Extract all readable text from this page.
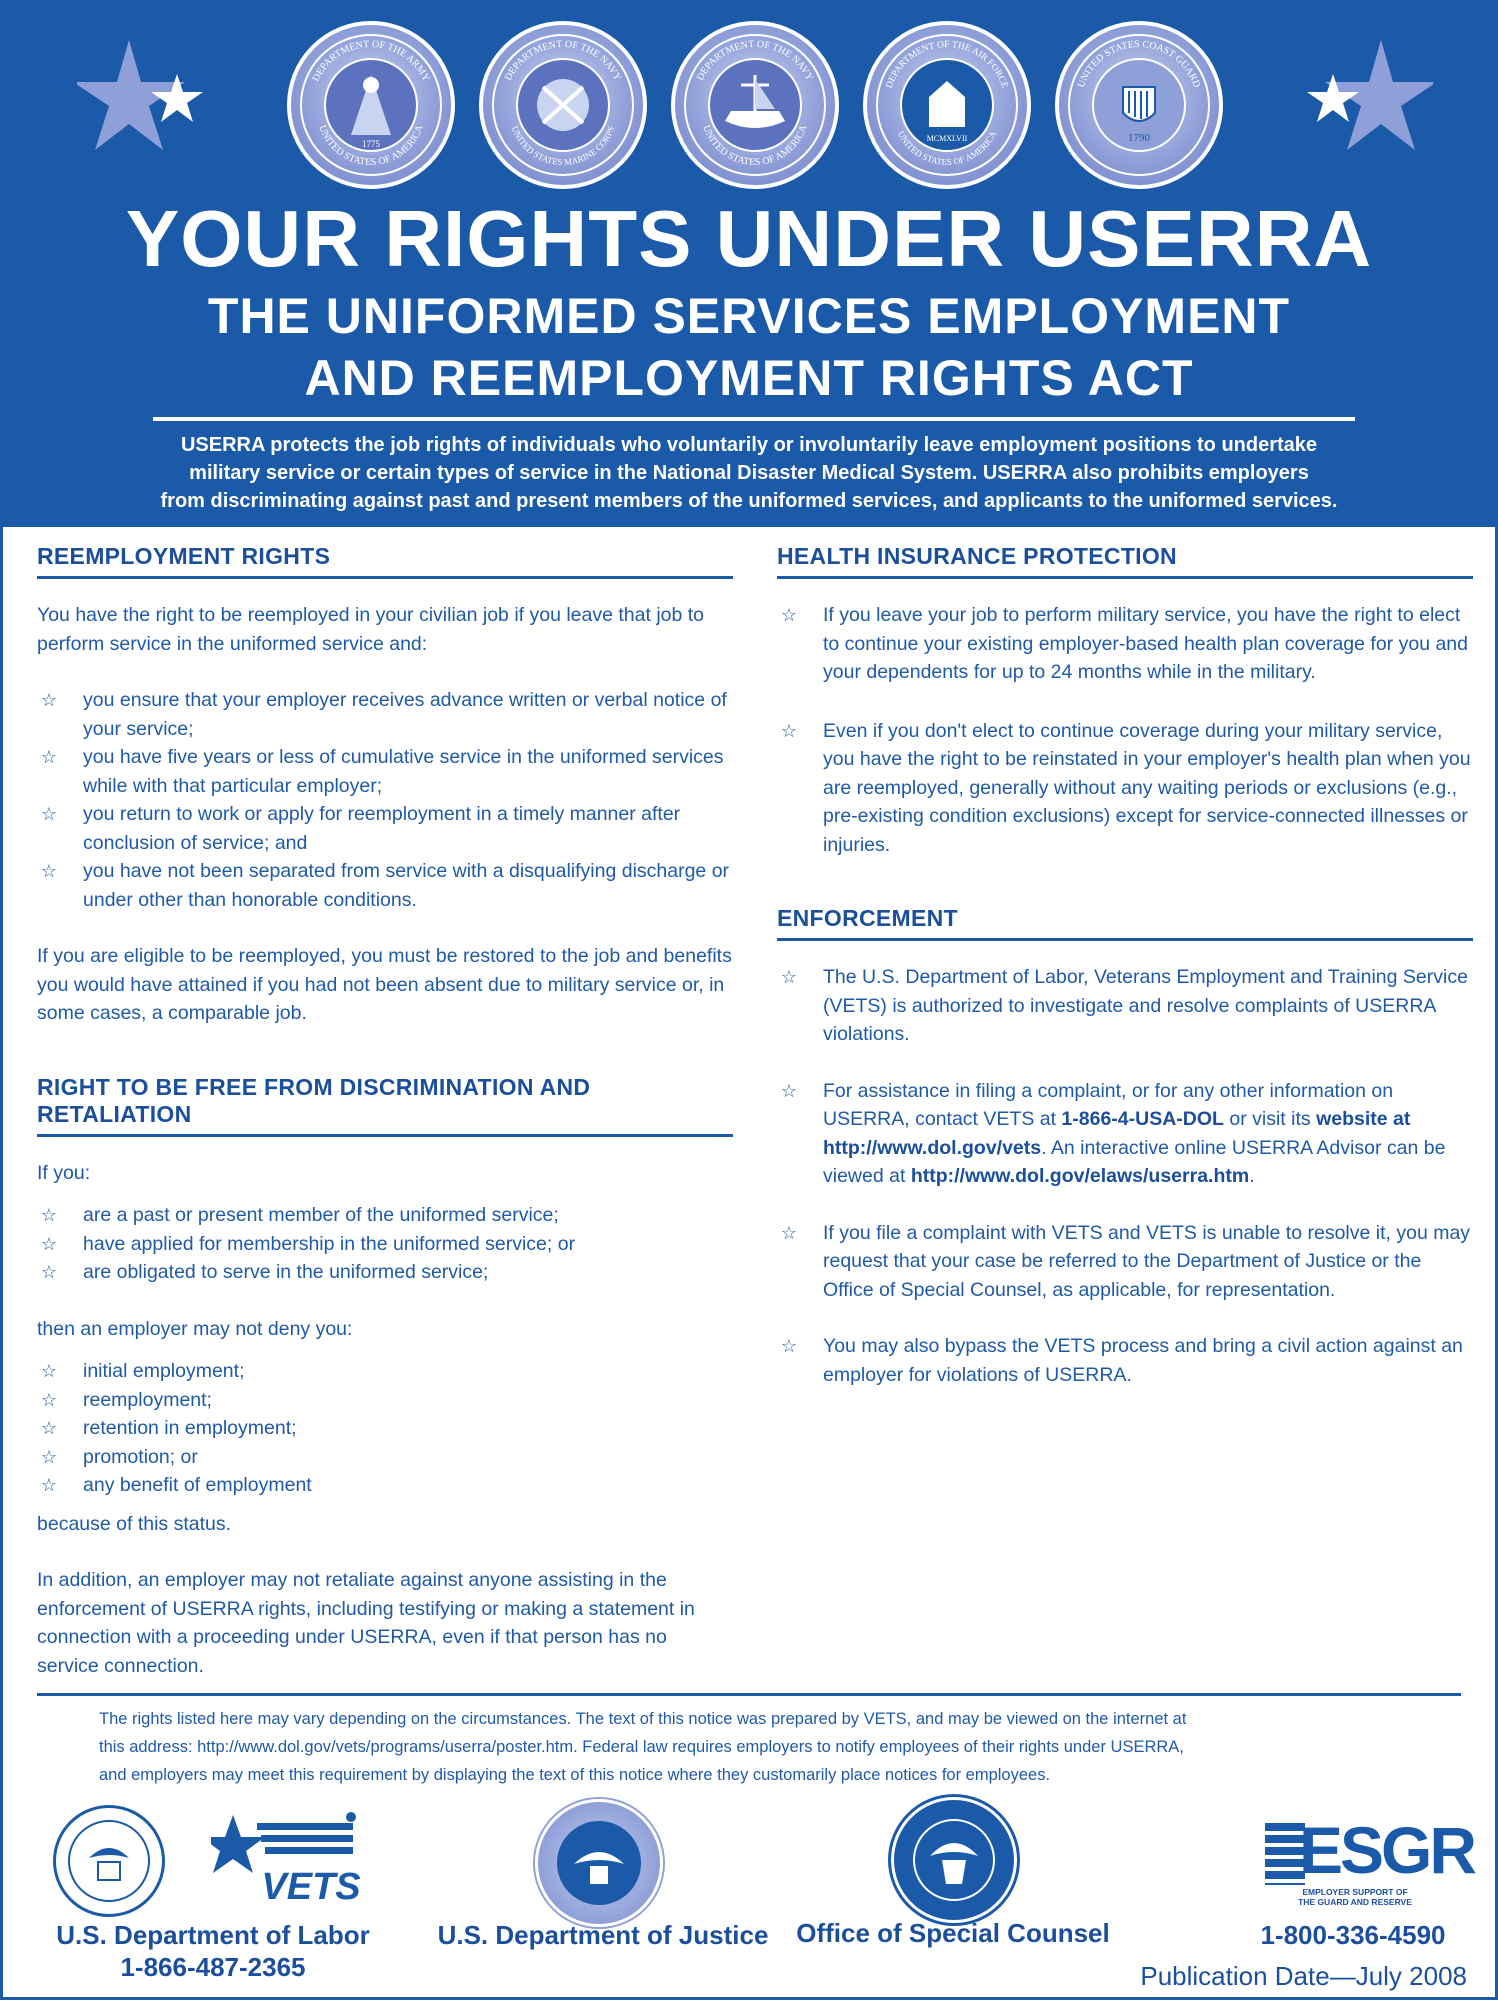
DEPARTMENT OF THE ARMY
UNITED STATES OF AMERICA
1775
DEPARTMENT OF THE NAVY
UNITED STATES MARINE CORPS
DEPARTMENT OF THE NAVY
UNITED STATES OF AMERICA
DEPARTMENT OF THE AIR FORCE
UNITED STATES OF AMERICA
MCMXLVII
UNITED STATES COAST GUARD
1790
YOUR RIGHTS UNDER USERRA
THE UNIFORMED SERVICES EMPLOYMENT
AND REEMPLOYMENT RIGHTS ACT
USERRA protects the job rights of individuals who voluntarily or involuntarily leave employment positions to undertake
military service or certain types of service in the National Disaster Medical System. USERRA also prohibits employers
from discriminating against past and present members of the uniformed services, and applicants to the uniformed services.
REEMPLOYMENT RIGHTS

You have the right to be reemployed in your civilian job if you leave that job to perform service in the uniformed service and:

☆ you ensure that your employer receives advance written or verbal notice of your service;
☆ you have five years or less of cumulative service in the uniformed services while with that particular employer;
☆ you return to work or apply for reemployment in a timely manner after conclusion of service; and
☆ you have not been separated from service with a disqualifying discharge or under other than honorable conditions.

If you are eligible to be reemployed, you must be restored to the job and benefits you would have attained if you had not been absent due to military service or, in some cases, a comparable job.

RIGHT TO BE FREE FROM DISCRIMINATION AND RETALIATION

If you:

☆ are a past or present member of the uniformed service;
☆ have applied for membership in the uniformed service; or
☆ are obligated to serve in the uniformed service;

then an employer may not deny you:

☆ initial employment;
☆ reemployment;
☆ retention in employment;
☆ promotion; or
☆ any benefit of employment

because of this status.

In addition, an employer may not retaliate against anyone assisting in the enforcement of USERRA rights, including testifying or making a statement in connection with a proceeding under USERRA, even if that person has no service connection.

HEALTH INSURANCE PROTECTION
☆ If you leave your job to perform military service, you have the right to elect to continue your existing employer-based health plan coverage for you and your dependents for up to 24 months while in the military.
☆ Even if you don't elect to continue coverage during your military service, you have the right to be reinstated in your employer's health plan when you are reemployed, generally without any waiting periods or exclusions (e.g., pre-existing condition exclusions) except for service-connected illnesses or injuries.
ENFORCEMENT
☆ The U.S. Department of Labor, Veterans Employment and Training Service (VETS) is authorized to investigate and resolve complaints of USERRA violations.
☆ For assistance in filing a complaint, or for any other information on USERRA, contact VETS at 1-866-4-USA-DOL or visit its website at http://www.dol.gov/vets. An interactive online USERRA Advisor can be viewed at http://www.dol.gov/elaws/userra.htm.
☆ If you file a complaint with VETS and VETS is unable to resolve it, you may request that your case be referred to the Department of Justice or the Office of Special Counsel, as applicable, for representation.
☆ You may also bypass the VETS process and bring a civil action against an employer for violations of USERRA.
The rights listed here may vary depending on the circumstances. The text of this notice was prepared by VETS, and may be viewed on the internet at
this address: http://www.dol.gov/vets/programs/userra/poster.htm. Federal law requires employers to notify employees of their rights under USERRA,
and employers may meet this requirement by displaying the text of this notice where they customarily place notices for employees.
VETS
U.S. Department of Labor
1-866-487-2365
U.S. Department of Justice	Office of Special Counsel
ESGR
EMPLOYER SUPPORT OF
THE GUARD AND RESERVE
1-800-336-4590
Publication Date—July 2008
